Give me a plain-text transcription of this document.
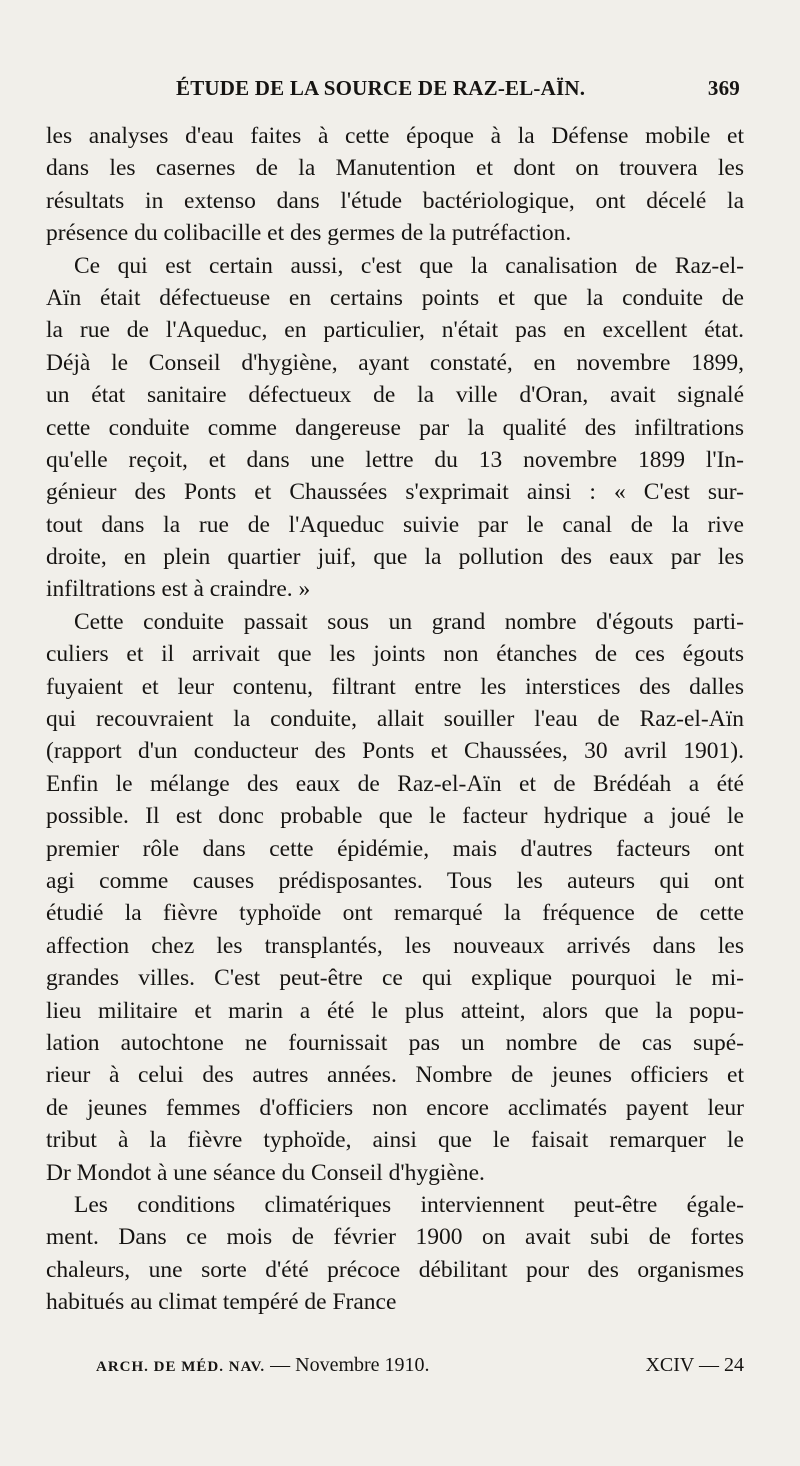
ÉTUDE DE LA SOURCE DE RAZ-EL-AÏN.	369
les analyses d'eau faites à cette époque à la Défense mobile et
dans les casernes de la Manutention et dont on trouvera les
résultats in extenso dans l'étude bactériologique, ont décelé la
présence du colibacille et des germes de la putréfaction.
Ce qui est certain aussi, c'est que la canalisation de Raz-el-
Aïn était défectueuse en certains points et que la conduite de
la rue de l'Aqueduc, en particulier, n'était pas en excellent état.
Déjà le Conseil d'hygiène, ayant constaté, en novembre 1899,
un état sanitaire défectueux de la ville d'Oran, avait signalé
cette conduite comme dangereuse par la qualité des infiltrations
qu'elle reçoit, et dans une lettre du 13 novembre 1899 l'In-
génieur des Ponts et Chaussées s'exprimait ainsi : « C'est sur-
tout dans la rue de l'Aqueduc suivie par le canal de la rive
droite, en plein quartier juif, que la pollution des eaux par les
infiltrations est à craindre. »
Cette conduite passait sous un grand nombre d'égouts parti-
culiers et il arrivait que les joints non étanches de ces égouts
fuyaient et leur contenu, filtrant entre les interstices des dalles
qui recouvraient la conduite, allait souiller l'eau de Raz-el-Aïn
(rapport d'un conducteur des Ponts et Chaussées, 30 avril 1901).
Enfin le mélange des eaux de Raz-el-Aïn et de Brédéah a été
possible. Il est donc probable que le facteur hydrique a joué le
premier rôle dans cette épidémie, mais d'autres facteurs ont
agi comme causes prédisposantes. Tous les auteurs qui ont
étudié la fièvre typhoïde ont remarqué la fréquence de cette
affection chez les transplantés, les nouveaux arrivés dans les
grandes villes. C'est peut-être ce qui explique pourquoi le mi-
lieu militaire et marin a été le plus atteint, alors que la popu-
lation autochtone ne fournissait pas un nombre de cas supé-
rieur à celui des autres années. Nombre de jeunes officiers et
de jeunes femmes d'officiers non encore acclimatés payent leur
tribut à la fièvre typhoïde, ainsi que le faisait remarquer le
Dr Mondot à une séance du Conseil d'hygiène.
Les conditions climatériques interviennent peut-être égale-
ment. Dans ce mois de février 1900 on avait subi de fortes
chaleurs, une sorte d'été précoce débilitant pour des organismes
habitués au climat tempéré de France
ARCH. DE MÉD. NAV. — Novembre 1910.	XCIV — 24
